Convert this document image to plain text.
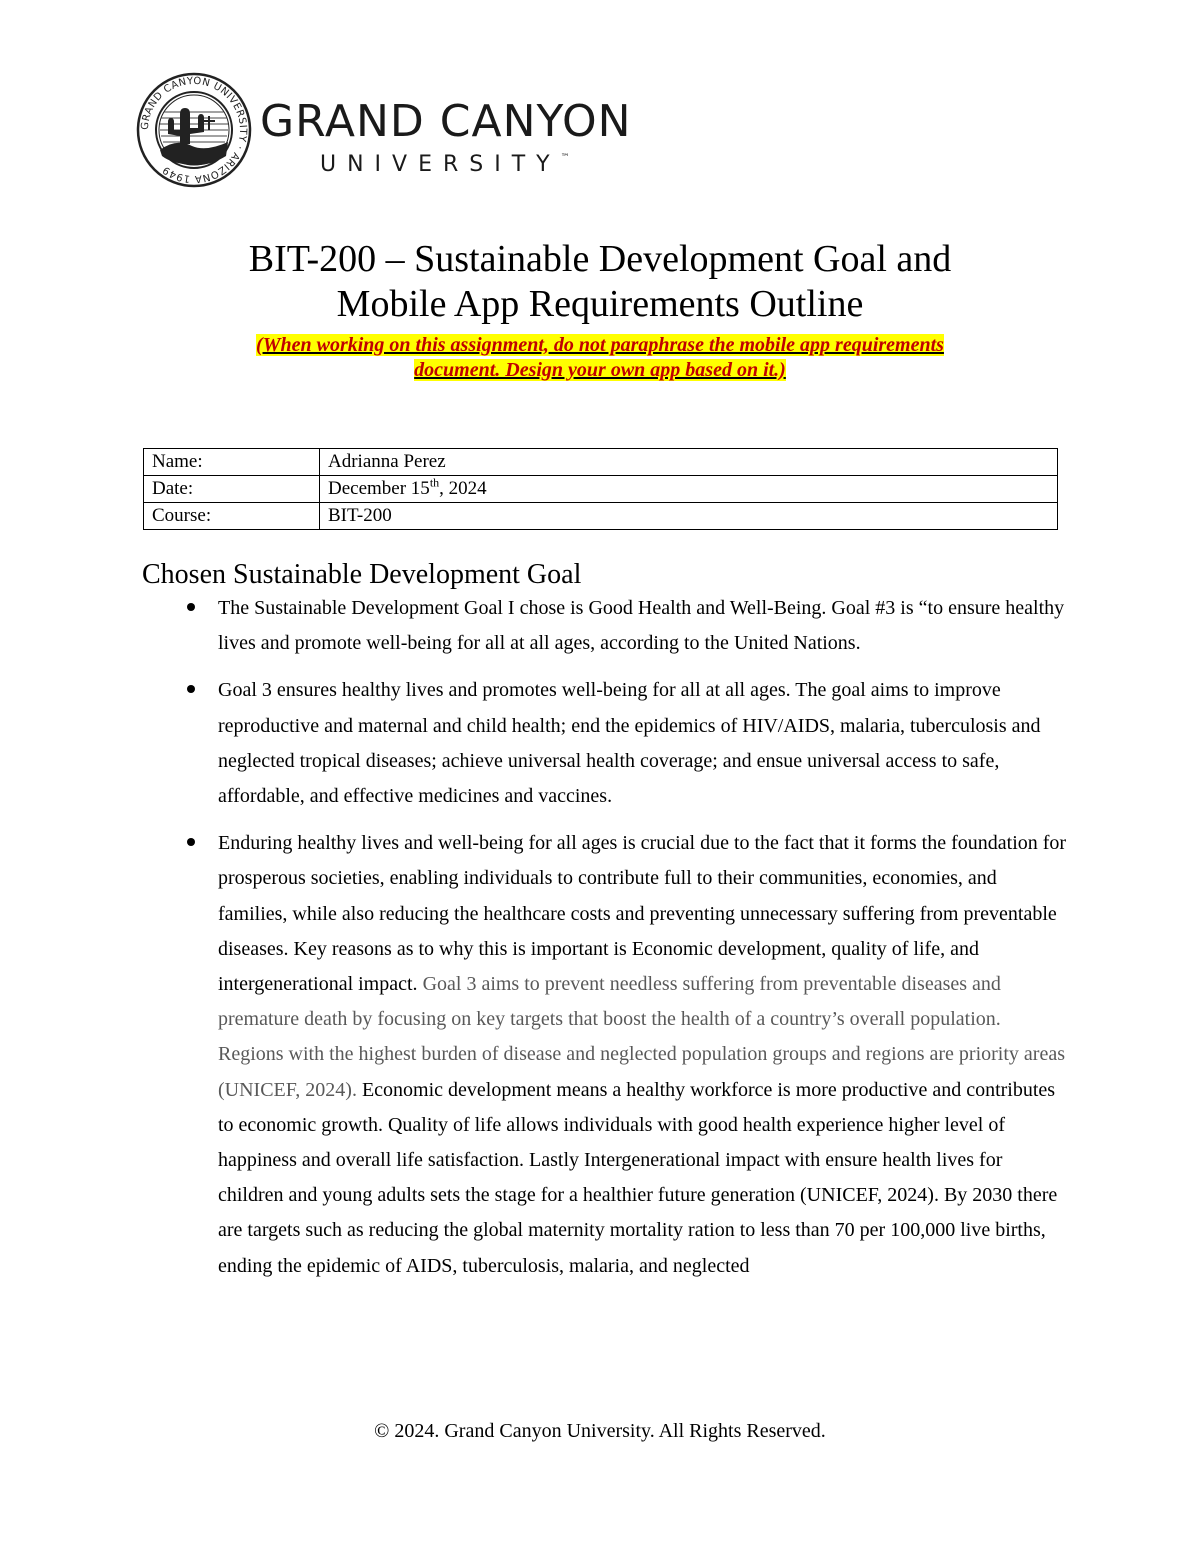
GRAND CANYON UNIVERSITY · ARIZONA 1949
GRAND CANYON
UNIVERSITY™
BIT-200 – Sustainable Development Goal and
Mobile App Requirements Outline
(When working on this assignment, do not paraphrase the mobile app requirements
document. Design your own app based on it.)
Name:	Adrianna Perez
Date:	December 15th, 2024
Course:	BIT-200
Chosen Sustainable Development Goal
The Sustainable Development Goal I chose is Good Health and Well-Being. Goal #3 is “to ensure healthy lives and promote well-being for all at all ages, according to the United Nations.
Goal 3 ensures healthy lives and promotes well-being for all at all ages. The goal aims to improve reproductive and maternal and child health; end the epidemics of HIV/AIDS, malaria, tuberculosis and neglected tropical diseases; achieve universal health coverage; and ensue universal access to safe, affordable, and effective medicines and vaccines.
Enduring healthy lives and well-being for all ages is crucial due to the fact that it forms the foundation for prosperous societies, enabling individuals to contribute full to their communities, economies, and families, while also reducing the healthcare costs and preventing unnecessary suffering from preventable diseases. Key reasons as to why this is important is Economic development, quality of life, and intergenerational impact. Goal 3 aims to prevent needless suffering from preventable diseases and premature death by focusing on key targets that boost the health of a country’s overall population. Regions with the highest burden of disease and neglected population groups and regions are priority areas (UNICEF, 2024). Economic development means a healthy workforce is more productive and contributes to economic growth. Quality of life allows individuals with good health experience higher level of happiness and overall life satisfaction. Lastly Intergenerational impact with ensure health lives for children and young adults sets the stage for a healthier future generation (UNICEF, 2024). By 2030 there are targets such as reducing the global maternity mortality ration to less than 70 per 100,000 live births, ending the epidemic of AIDS, tuberculosis, malaria, and neglected
© 2024. Grand Canyon University. All Rights Reserved.
